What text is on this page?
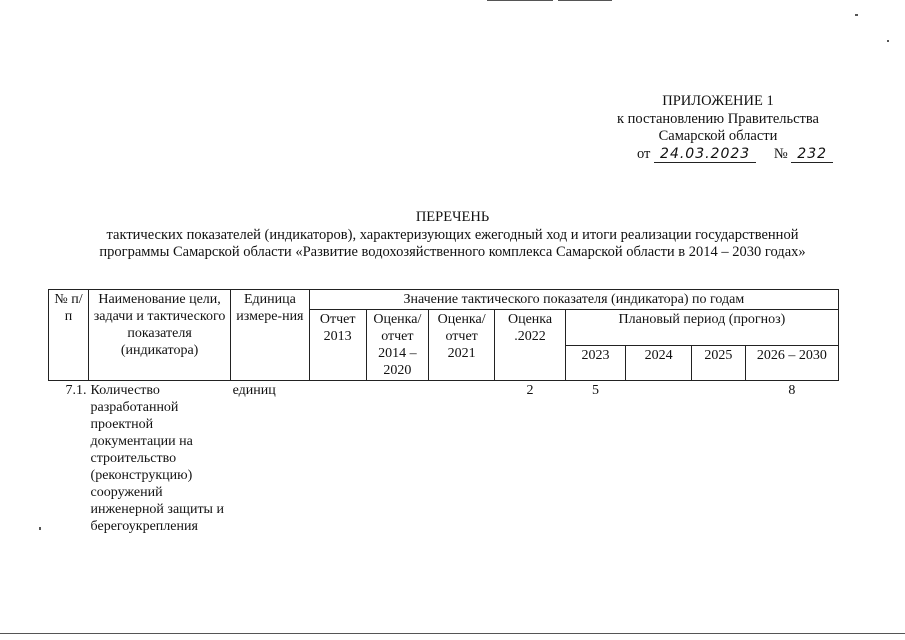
ПРИЛОЖЕНИЕ 1
к постановлению Правительства
Самарской области
от 24.03.2023 № 232
ПЕРЕЧЕНЬ
тактических показателей (индикаторов), характеризующих ежегодный ход и итоги реализации государственной
программы Самарской области «Развитие водохозяйственного комплекса Самарской области в 2014 – 2030 годах»
№ п/п	Наименование цели, задачи и тактического показателя (индикатора)	Единица измере-ния	Значение тактического показателя (индикатора) по годам							
			Отчет 2013	Оценка/ отчет 2014 – 2020	Оценка/ отчет 2021	Оценка .2022	Плановый период (прогноз)			
							2023	2024	2025	2026 – 2030
7.1.	Количество разработанной проектной документации на строительство (реконструкцию) сооружений инженерной защиты и берегоукрепления	единиц				2	5			8
